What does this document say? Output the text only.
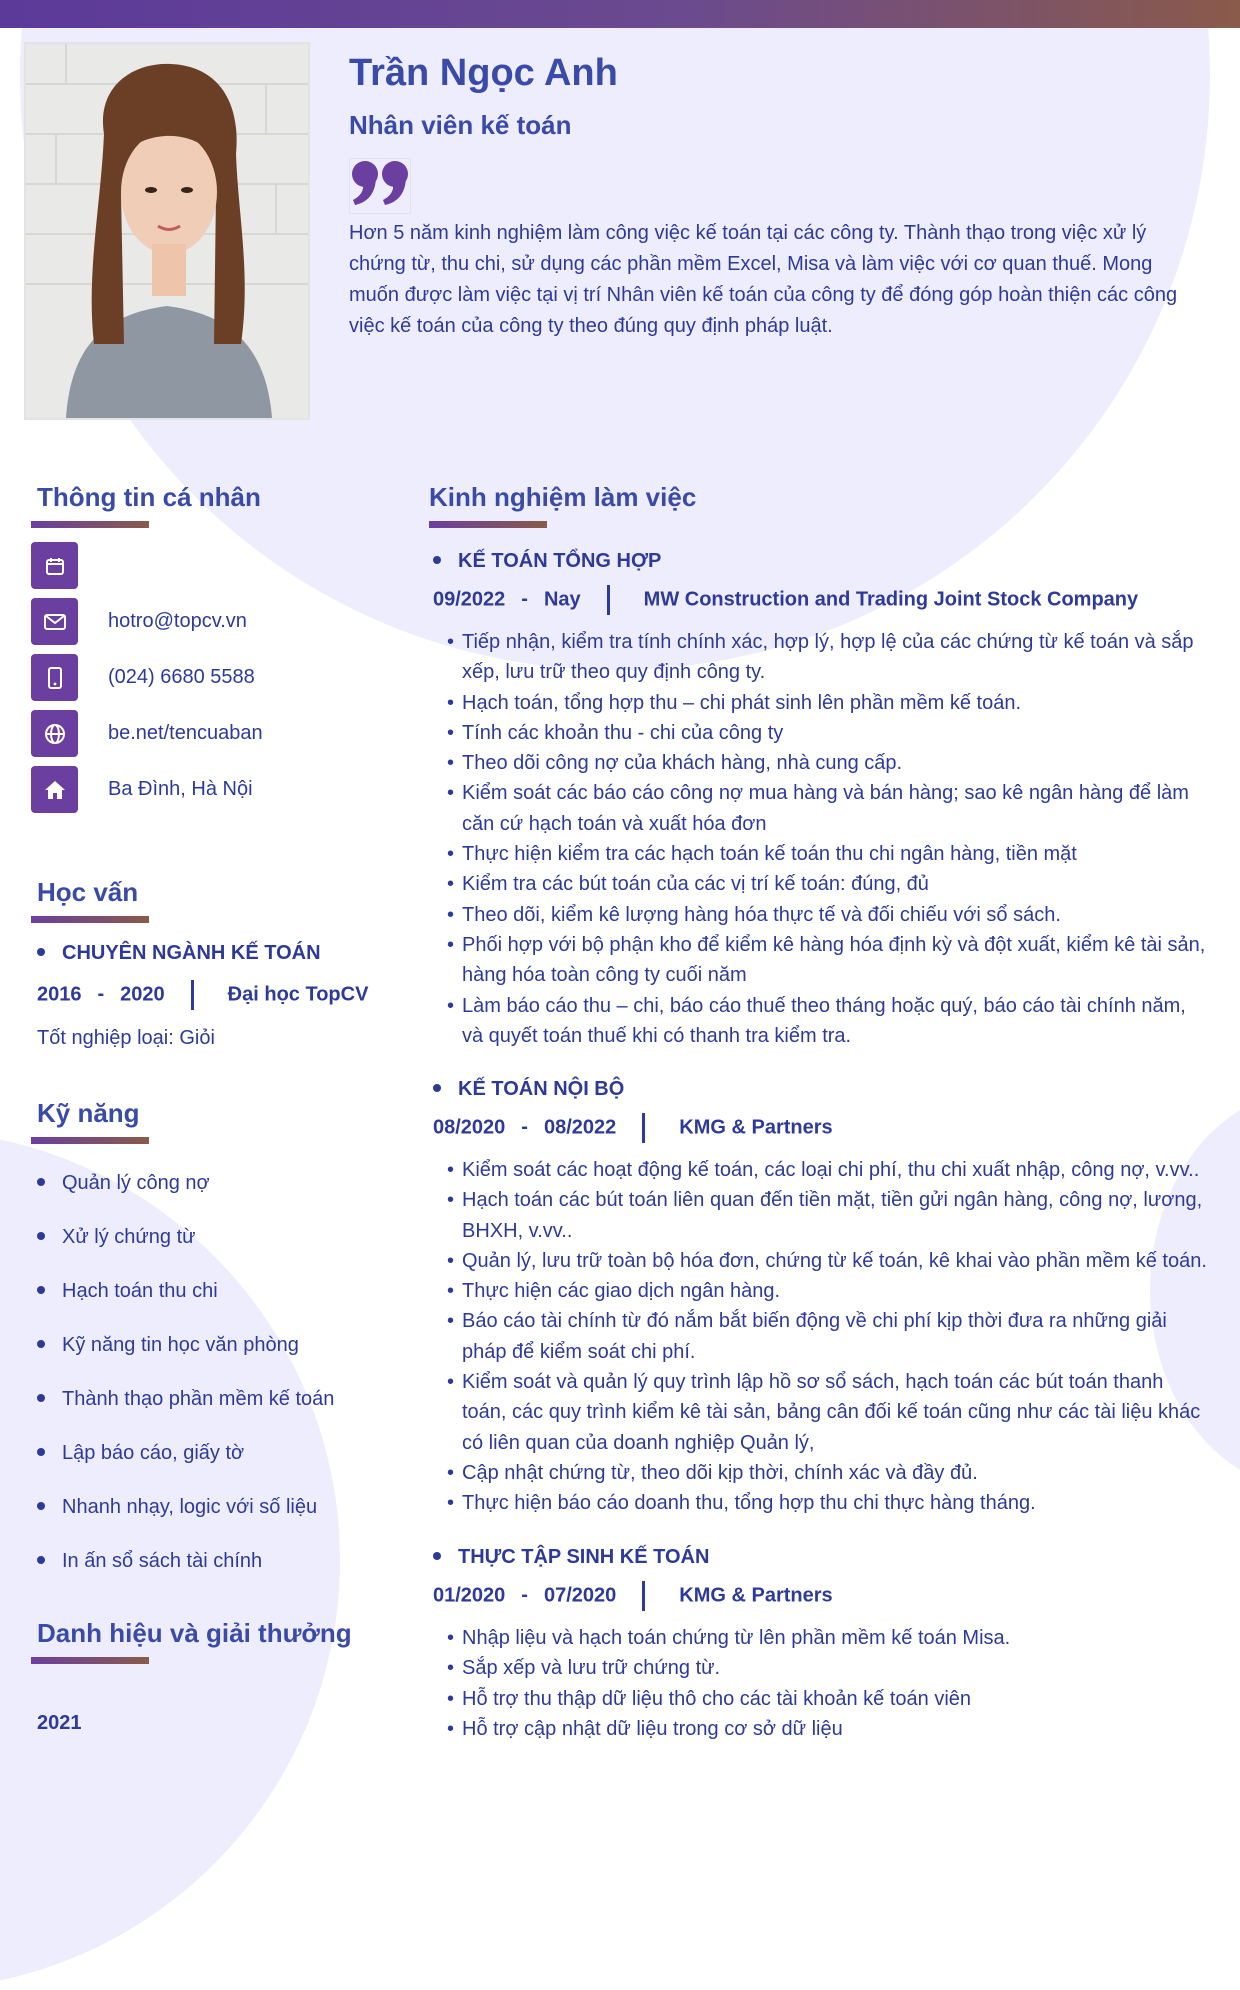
Trần Ngọc Anh
Nhân viên kế toán
Hơn 5 năm kinh nghiệm làm công việc kế toán tại các công ty. Thành thạo trong việc xử lý chứng từ, thu chi, sử dụng các phần mềm Excel, Misa và làm việc với cơ quan thuế. Mong muốn được làm việc tại vị trí Nhân viên kế toán của công ty để đóng góp hoàn thiện các công việc kế toán của công ty theo đúng quy định pháp luật.
Thông tin cá nhân
hotro@topcv.vn
(024) 6680 5588
be.net/tencuaban
Ba Đình, Hà Nội
Học vấn
CHUYÊN NGÀNH KẾ TOÁN
2016 - 2020	Đại học TopCV
Tốt nghiệp loại: Giỏi
Kỹ năng
Quản lý công nợ
Xử lý chứng từ
Hạch toán thu chi
Kỹ năng tin học văn phòng
Thành thạo phần mềm kế toán
Lập báo cáo, giấy tờ
Nhanh nhạy, logic với số liệu
In ấn sổ sách tài chính
Danh hiệu và giải thưởng
2021
Kinh nghiệm làm việc
KẾ TOÁN TỔNG HỢP
09/2022 - Nay	MW Construction and Trading Joint Stock Company
• Tiếp nhận, kiểm tra tính chính xác, hợp lý, hợp lệ của các chứng từ kế toán và sắp xếp, lưu trữ theo quy định công ty.
• Hạch toán, tổng hợp thu – chi phát sinh lên phần mềm kế toán.
• Tính các khoản thu - chi của công ty
• Theo dõi công nợ của khách hàng, nhà cung cấp.
• Kiểm soát các báo cáo công nợ mua hàng và bán hàng; sao kê ngân hàng để làm căn cứ hạch toán và xuất hóa đơn
• Thực hiện kiểm tra các hạch toán kế toán thu chi ngân hàng, tiền mặt
• Kiểm tra các bút toán của các vị trí kế toán: đúng, đủ
• Theo dõi, kiểm kê lượng hàng hóa thực tế và đối chiếu với sổ sách.
• Phối hợp với bộ phận kho để kiểm kê hàng hóa định kỳ và đột xuất, kiểm kê tài sản, hàng hóa toàn công ty cuối năm
• Làm báo cáo thu – chi, báo cáo thuế theo tháng hoặc quý, báo cáo tài chính năm, và quyết toán thuế khi có thanh tra kiểm tra.
KẾ TOÁN NỘI BỘ
08/2020 - 08/2022	KMG & Partners
• Kiểm soát các hoạt động kế toán, các loại chi phí, thu chi xuất nhập, công nợ, v.vv..
• Hạch toán các bút toán liên quan đến tiền mặt, tiền gửi ngân hàng, công nợ, lương, BHXH, v.vv..
• Quản lý, lưu trữ toàn bộ hóa đơn, chứng từ kế toán, kê khai vào phần mềm kế toán.
• Thực hiện các giao dịch ngân hàng.
• Báo cáo tài chính từ đó nắm bắt biến động về chi phí kịp thời đưa ra những giải pháp để kiểm soát chi phí.
• Kiểm soát và quản lý quy trình lập hồ sơ sổ sách, hạch toán các bút toán thanh toán, các quy trình kiểm kê tài sản, bảng cân đối kế toán cũng như các tài liệu khác có liên quan của doanh nghiệp Quản lý,
• Cập nhật chứng từ, theo dõi kịp thời, chính xác và đầy đủ.
• Thực hiện báo cáo doanh thu, tổng hợp thu chi thực hàng tháng.
THỰC TẬP SINH KẾ TOÁN
01/2020 - 07/2020	KMG & Partners
• Nhập liệu và hạch toán chứng từ lên phần mềm kế toán Misa.
• Sắp xếp và lưu trữ chứng từ.
• Hỗ trợ thu thập dữ liệu thô cho các tài khoản kế toán viên
• Hỗ trợ cập nhật dữ liệu trong cơ sở dữ liệu
